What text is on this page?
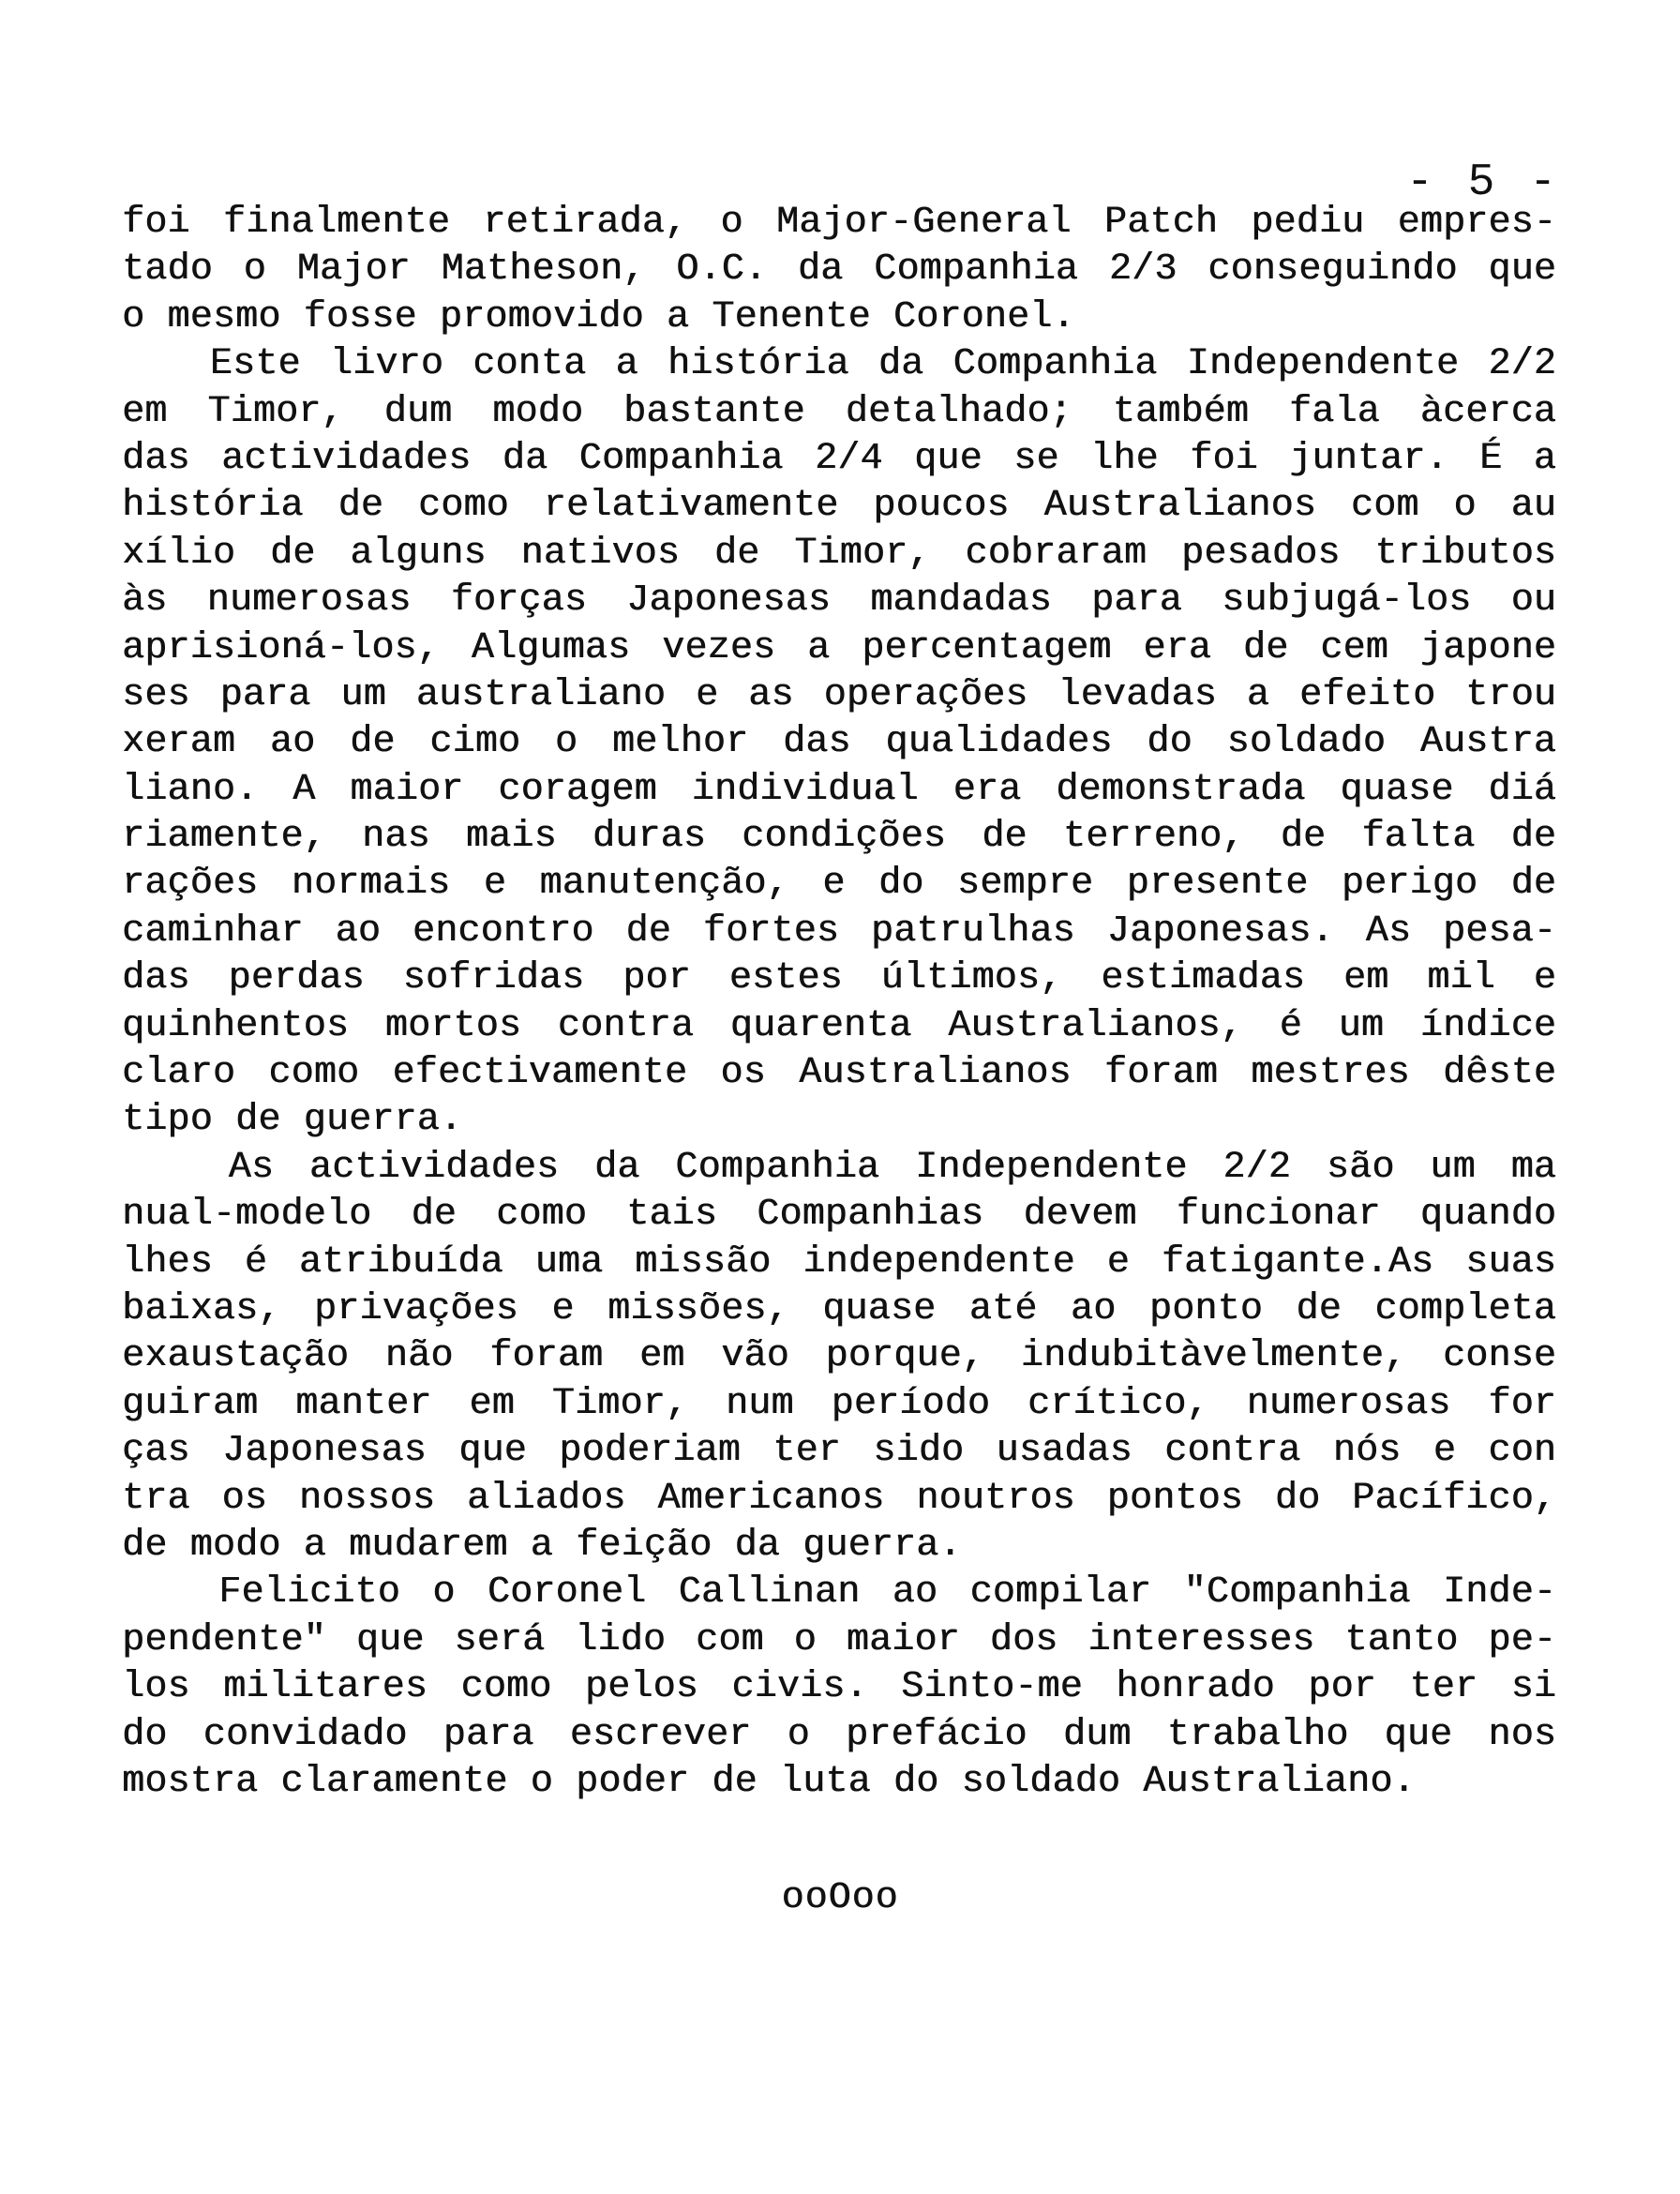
- 5 -
foi finalmente retirada, o Major-General Patch pediu empres-
tado o Major Matheson, O.C. da Companhia 2/3 conseguindo que
o mesmo fosse promovido a Tenente Coronel.
Este livro conta a história da Companhia Independente 2/2
em Timor, dum modo bastante detalhado; também fala àcerca
das actividades da Companhia 2/4 que se lhe foi juntar. É a
história de como relativamente poucos Australianos com o au
xílio de alguns nativos de Timor, cobraram pesados tributos
às numerosas forças Japonesas mandadas para subjugá-los ou
aprisioná-los, Algumas vezes a percentagem era de cem japone
ses para um australiano e as operações levadas a efeito trou
xeram ao de cimo o melhor das qualidades do soldado Austra
liano. A maior coragem individual era demonstrada quase diá
riamente, nas mais duras condições de terreno, de falta de
rações normais e manutenção, e do sempre presente perigo de
caminhar ao encontro de fortes patrulhas Japonesas. As pesa-
das perdas sofridas por estes últimos, estimadas em mil e
quinhentos mortos contra quarenta Australianos, é um índice
claro como efectivamente os Australianos foram mestres dêste
tipo de guerra.
As actividades da Companhia Independente 2/2 são um ma
nual-modelo de como tais Companhias devem funcionar quando
lhes é atribuída uma missão independente e fatigante.As suas
baixas, privações e missões, quase até ao ponto de completa
exaustação não foram em vão porque, indubitàvelmente, conse
guiram manter em Timor, num período crítico, numerosas for
ças Japonesas que poderiam ter sido usadas contra nós e con
tra os nossos aliados Americanos noutros pontos do Pacífico,
de modo a mudarem a feição da guerra.
Felicito o Coronel Callinan ao compilar "Companhia Inde-
pendente" que será lido com o maior dos interesses tanto pe-
los militares como pelos civis. Sinto-me honrado por ter si
do convidado para escrever o prefácio dum trabalho que nos
mostra claramente o poder de luta do soldado Australiano.
ooOoo
